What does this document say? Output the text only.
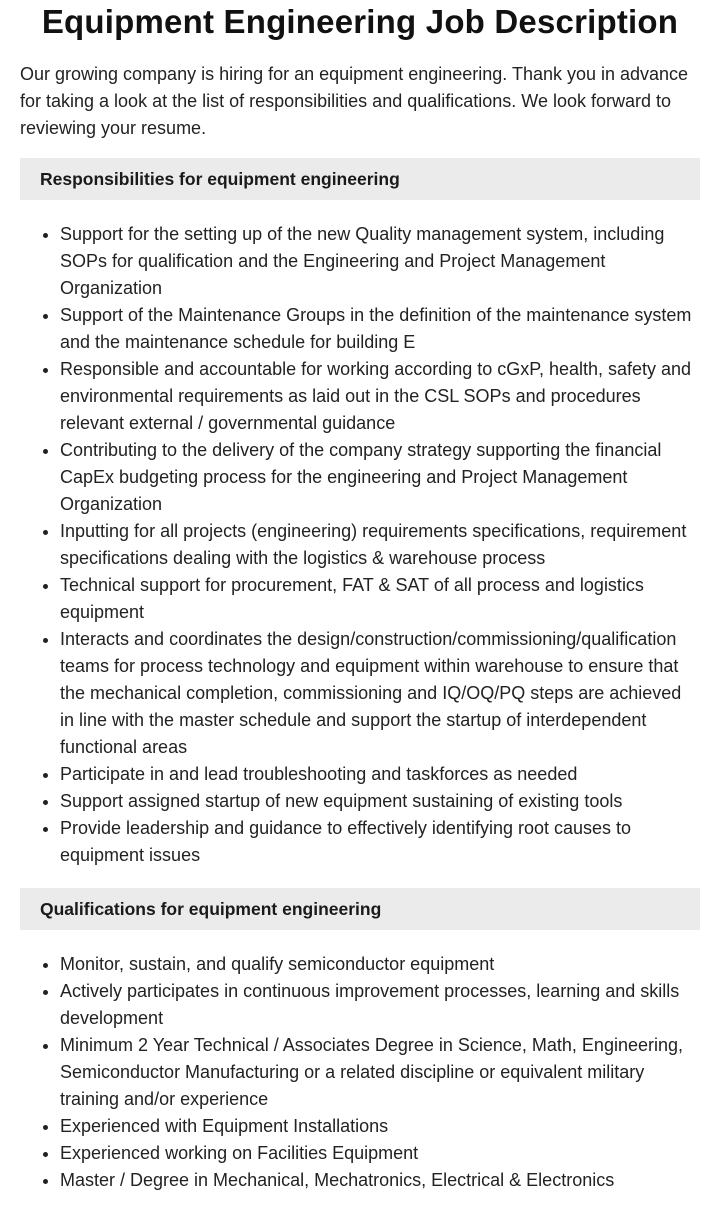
Equipment Engineering Job Description

Our growing company is hiring for an equipment engineering. Thank you in advance for taking a look at the list of responsibilities and qualifications. We look forward to reviewing your resume.

Responsibilities for equipment engineering
• Support for the setting up of the new Quality management system, including SOPs for qualification and the Engineering and Project Management Organization
• Support of the Maintenance Groups in the definition of the maintenance system and the maintenance schedule for building E
• Responsible and accountable for working according to cGxP, health, safety and environmental requirements as laid out in the CSL SOPs and procedures relevant external / governmental guidance
• Contributing to the delivery of the company strategy supporting the financial CapEx budgeting process for the engineering and Project Management Organization
• Inputting for all projects (engineering) requirements specifications, requirement specifications dealing with the logistics & warehouse process
• Technical support for procurement, FAT & SAT of all process and logistics equipment
• Interacts and coordinates the design/construction/commissioning/qualification teams for process technology and equipment within warehouse to ensure that the mechanical completion, commissioning and IQ/OQ/PQ steps are achieved in line with the master schedule and support the startup of interdependent functional areas
• Participate in and lead troubleshooting and taskforces as needed
• Support assigned startup of new equipment sustaining of existing tools
• Provide leadership and guidance to effectively identifying root causes to equipment issues
Qualifications for equipment engineering
• Monitor, sustain, and qualify semiconductor equipment
• Actively participates in continuous improvement processes, learning and skills development
• Minimum 2 Year Technical / Associates Degree in Science, Math, Engineering, Semiconductor Manufacturing or a related discipline or equivalent military training and/or experience
• Experienced with Equipment Installations
• Experienced working on Facilities Equipment
• Master / Degree in Mechanical, Mechatronics, Electrical & Electronics
